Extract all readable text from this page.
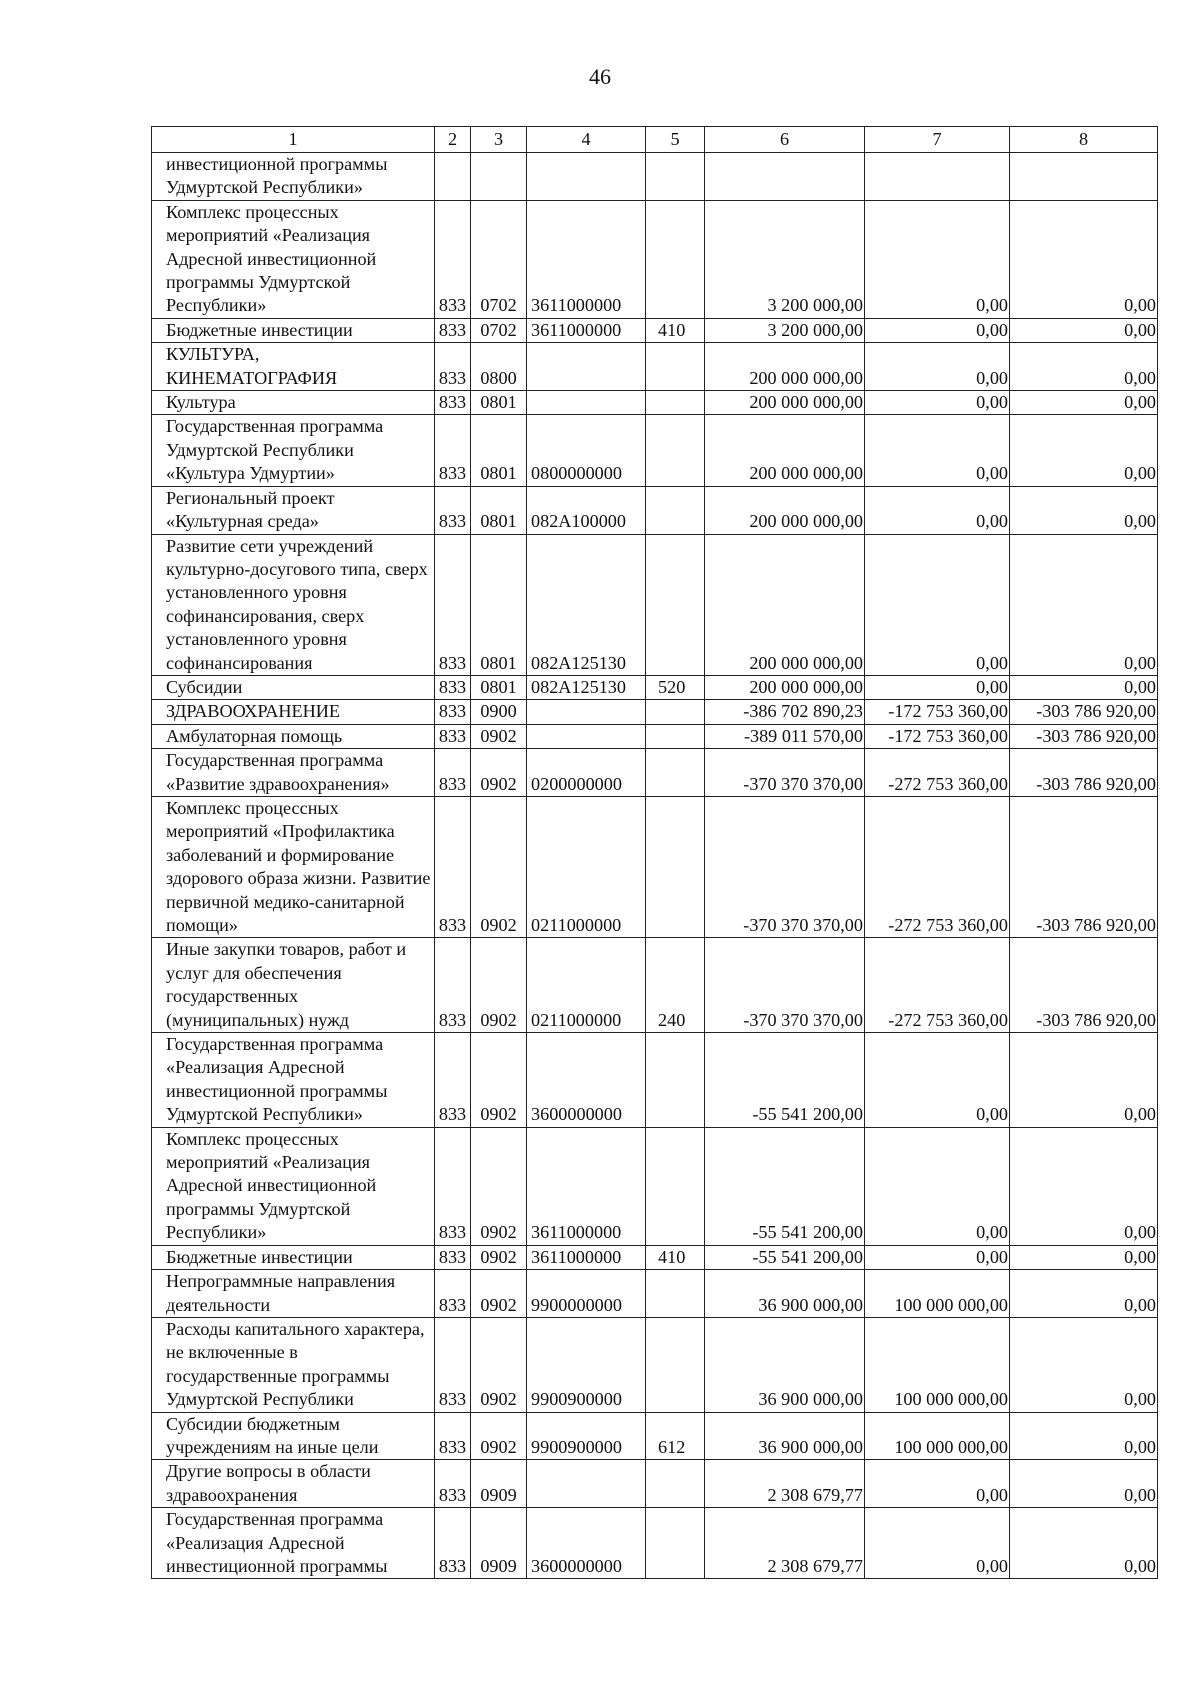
46
1	2	3	4	5	6	7	8
инвестиционной программы Удмуртской Республики»							
Комплекс процессных мероприятий «Реализация Адресной инвестиционной программы Удмуртской Республики»	833	0702	3611000000		3 200 000,00	0,00	0,00
Бюджетные инвестиции	833	0702	3611000000	410	3 200 000,00	0,00	0,00
КУЛЬТУРА, КИНЕМАТОГРАФИЯ	833	0800			200 000 000,00	0,00	0,00
Культура	833	0801			200 000 000,00	0,00	0,00
Государственная программа Удмуртской Республики «Культура Удмуртии»	833	0801	0800000000		200 000 000,00	0,00	0,00
Региональный проект «Культурная среда»	833	0801	082A100000		200 000 000,00	0,00	0,00
Развитие сети учреждений культурно-досугового типа, сверх установленного уровня софинансирования, сверх установленного уровня софинансирования	833	0801	082A125130		200 000 000,00	0,00	0,00
Субсидии	833	0801	082A125130	520	200 000 000,00	0,00	0,00
ЗДРАВООХРАНЕНИЕ	833	0900			-386 702 890,23	-172 753 360,00	-303 786 920,00
Амбулаторная помощь	833	0902			-389 011 570,00	-172 753 360,00	-303 786 920,00
Государственная программа «Развитие здравоохранения»	833	0902	0200000000		-370 370 370,00	-272 753 360,00	-303 786 920,00
Комплекс процессных мероприятий «Профилактика заболеваний и формирование здорового образа жизни. Развитие первичной медико-санитарной помощи»	833	0902	0211000000		-370 370 370,00	-272 753 360,00	-303 786 920,00
Иные закупки товаров, работ и услуг для обеспечения государственных (муниципальных) нужд	833	0902	0211000000	240	-370 370 370,00	-272 753 360,00	-303 786 920,00
Государственная программа «Реализация Адресной инвестиционной программы Удмуртской Республики»	833	0902	3600000000		-55 541 200,00	0,00	0,00
Комплекс процессных мероприятий «Реализация Адресной инвестиционной программы Удмуртской Республики»	833	0902	3611000000		-55 541 200,00	0,00	0,00
Бюджетные инвестиции	833	0902	3611000000	410	-55 541 200,00	0,00	0,00
Непрограммные направления деятельности	833	0902	9900000000		36 900 000,00	100 000 000,00	0,00
Расходы капитального характера, не включенные в государственные программы Удмуртской Республики	833	0902	9900900000		36 900 000,00	100 000 000,00	0,00
Субсидии бюджетным учреждениям на иные цели	833	0902	9900900000	612	36 900 000,00	100 000 000,00	0,00
Другие вопросы в области здравоохранения	833	0909			2 308 679,77	0,00	0,00
Государственная программа «Реализация Адресной инвестиционной программы	833	0909	3600000000		2 308 679,77	0,00	0,00
